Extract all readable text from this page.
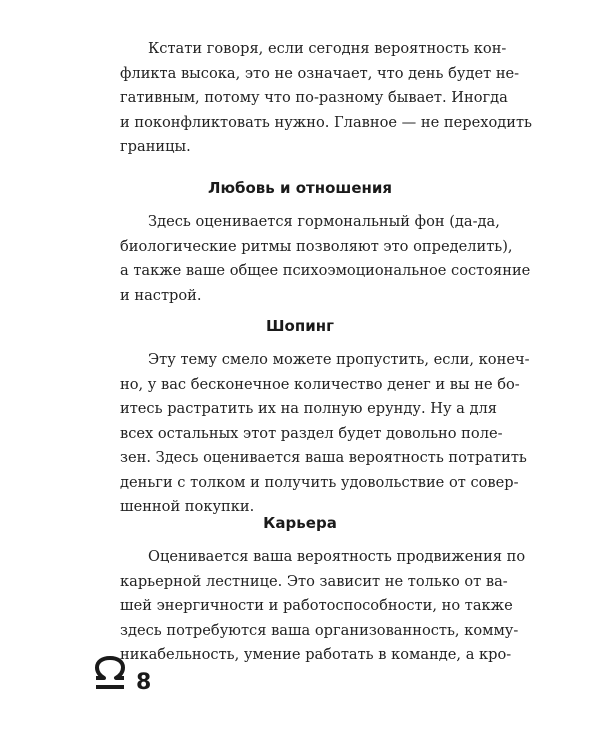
Кстати говоря, если сегодня вероятность кон-
фликта высока, это не означает, что день будет не-
гативным, потому что по-разному бывает. Иногда
и поконфликтовать нужно. Главное — не переходить
границы.
Любовь и отношения
Здесь оценивается гормональный фон (да-да,
биологические ритмы позволяют это определить),
а также ваше общее психоэмоциональное состояние
и настрой.
Шопинг
Эту тему смело можете пропустить, если, конеч-
но, у вас бесконечное количество денег и вы не бо-
итесь растратить их на полную ерунду. Ну а для
всех остальных этот раздел будет довольно поле-
зен. Здесь оценивается ваша вероятность потратить
деньги с толком и получить удовольствие от совер-
шенной покупки.
Карьера
Оценивается ваша вероятность продвижения по
карьерной лестнице. Это зависит не только от ва-
шей энергичности и работоспособности, но также
здесь потребуются ваша организованность, комму-
никабельность, умение работать в команде, а кро-
8
